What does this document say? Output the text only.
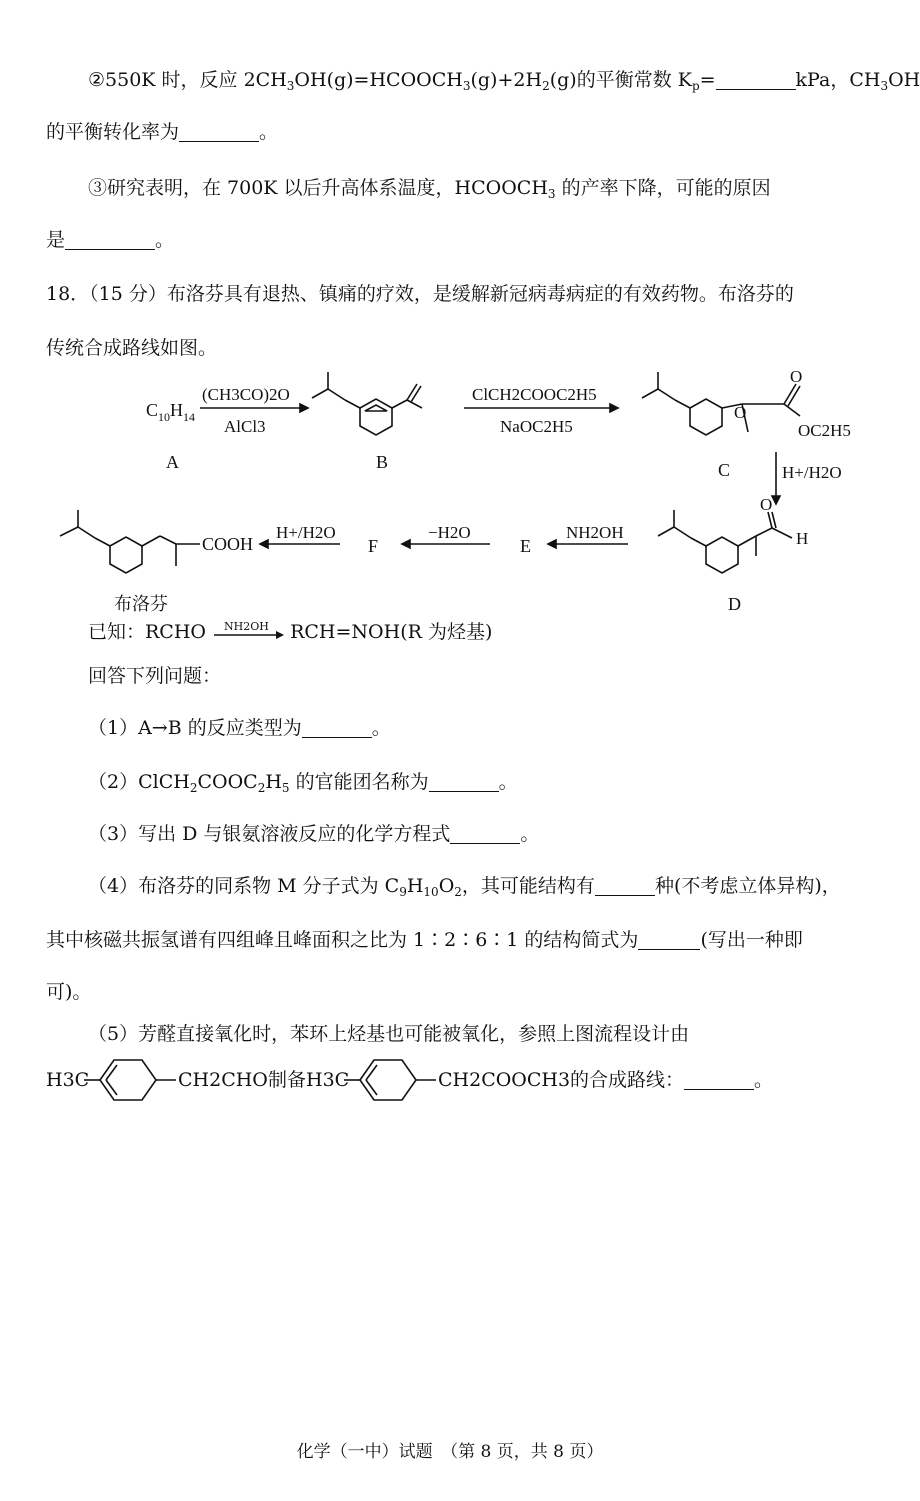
②550K 时，反应 $2CH_3OH(g)=HCOOCH_3(g)+2H_2(g)$的平衡常数 $K_p=$	kPa，$CH_3OH$
的平衡转化率为	。
③研究表明，在 700K 以后升高体系温度，$HCOOCH_3$ 的产率下降，可能的原因
是	。
18．（15 分）布洛芬具有退热、镇痛的疗效，是缓解新冠病毒病症的有效药物。布洛芬的
传统合成路线如图。
$C_{10}H_{14}$
(CH3CO)2O
AlCl3
ClCH2COOC2H5
NaOC2H5
O
O
OC2H5
H+/H2O
O
H
NH2OH
−H2O
H+/H2O
COOH
A	B	C
D
E
F
布洛芬
已知：RCHO NH2OH RCH=NOH(R 为烃基)
回答下列问题：
（1）A→B 的反应类型为	。
$(2)ClCH_2COOC_2H_5$ 的官能团名称为	。
（3）写出 D 与银氨溶液反应的化学方程式	。
（4）布洛芬的同系物 M 分子式为 $C_9H_{10}O_2$，其可能结构有	种(不考虑立体异构)，
其中核磁共振氢谱有四组峰且峰面积之比为 1∶2∶6∶1 的结构简式为	(写出一种即
可)。
（5）芳醛直接氧化时，苯环上烃基也可能被氧化，参照上图流程设计由
H3C	CH2CHO 制备 H3C	CH2COOCH3 的合成路线：	。
化学（一中）试题　（第 8 页，共 8 页）
